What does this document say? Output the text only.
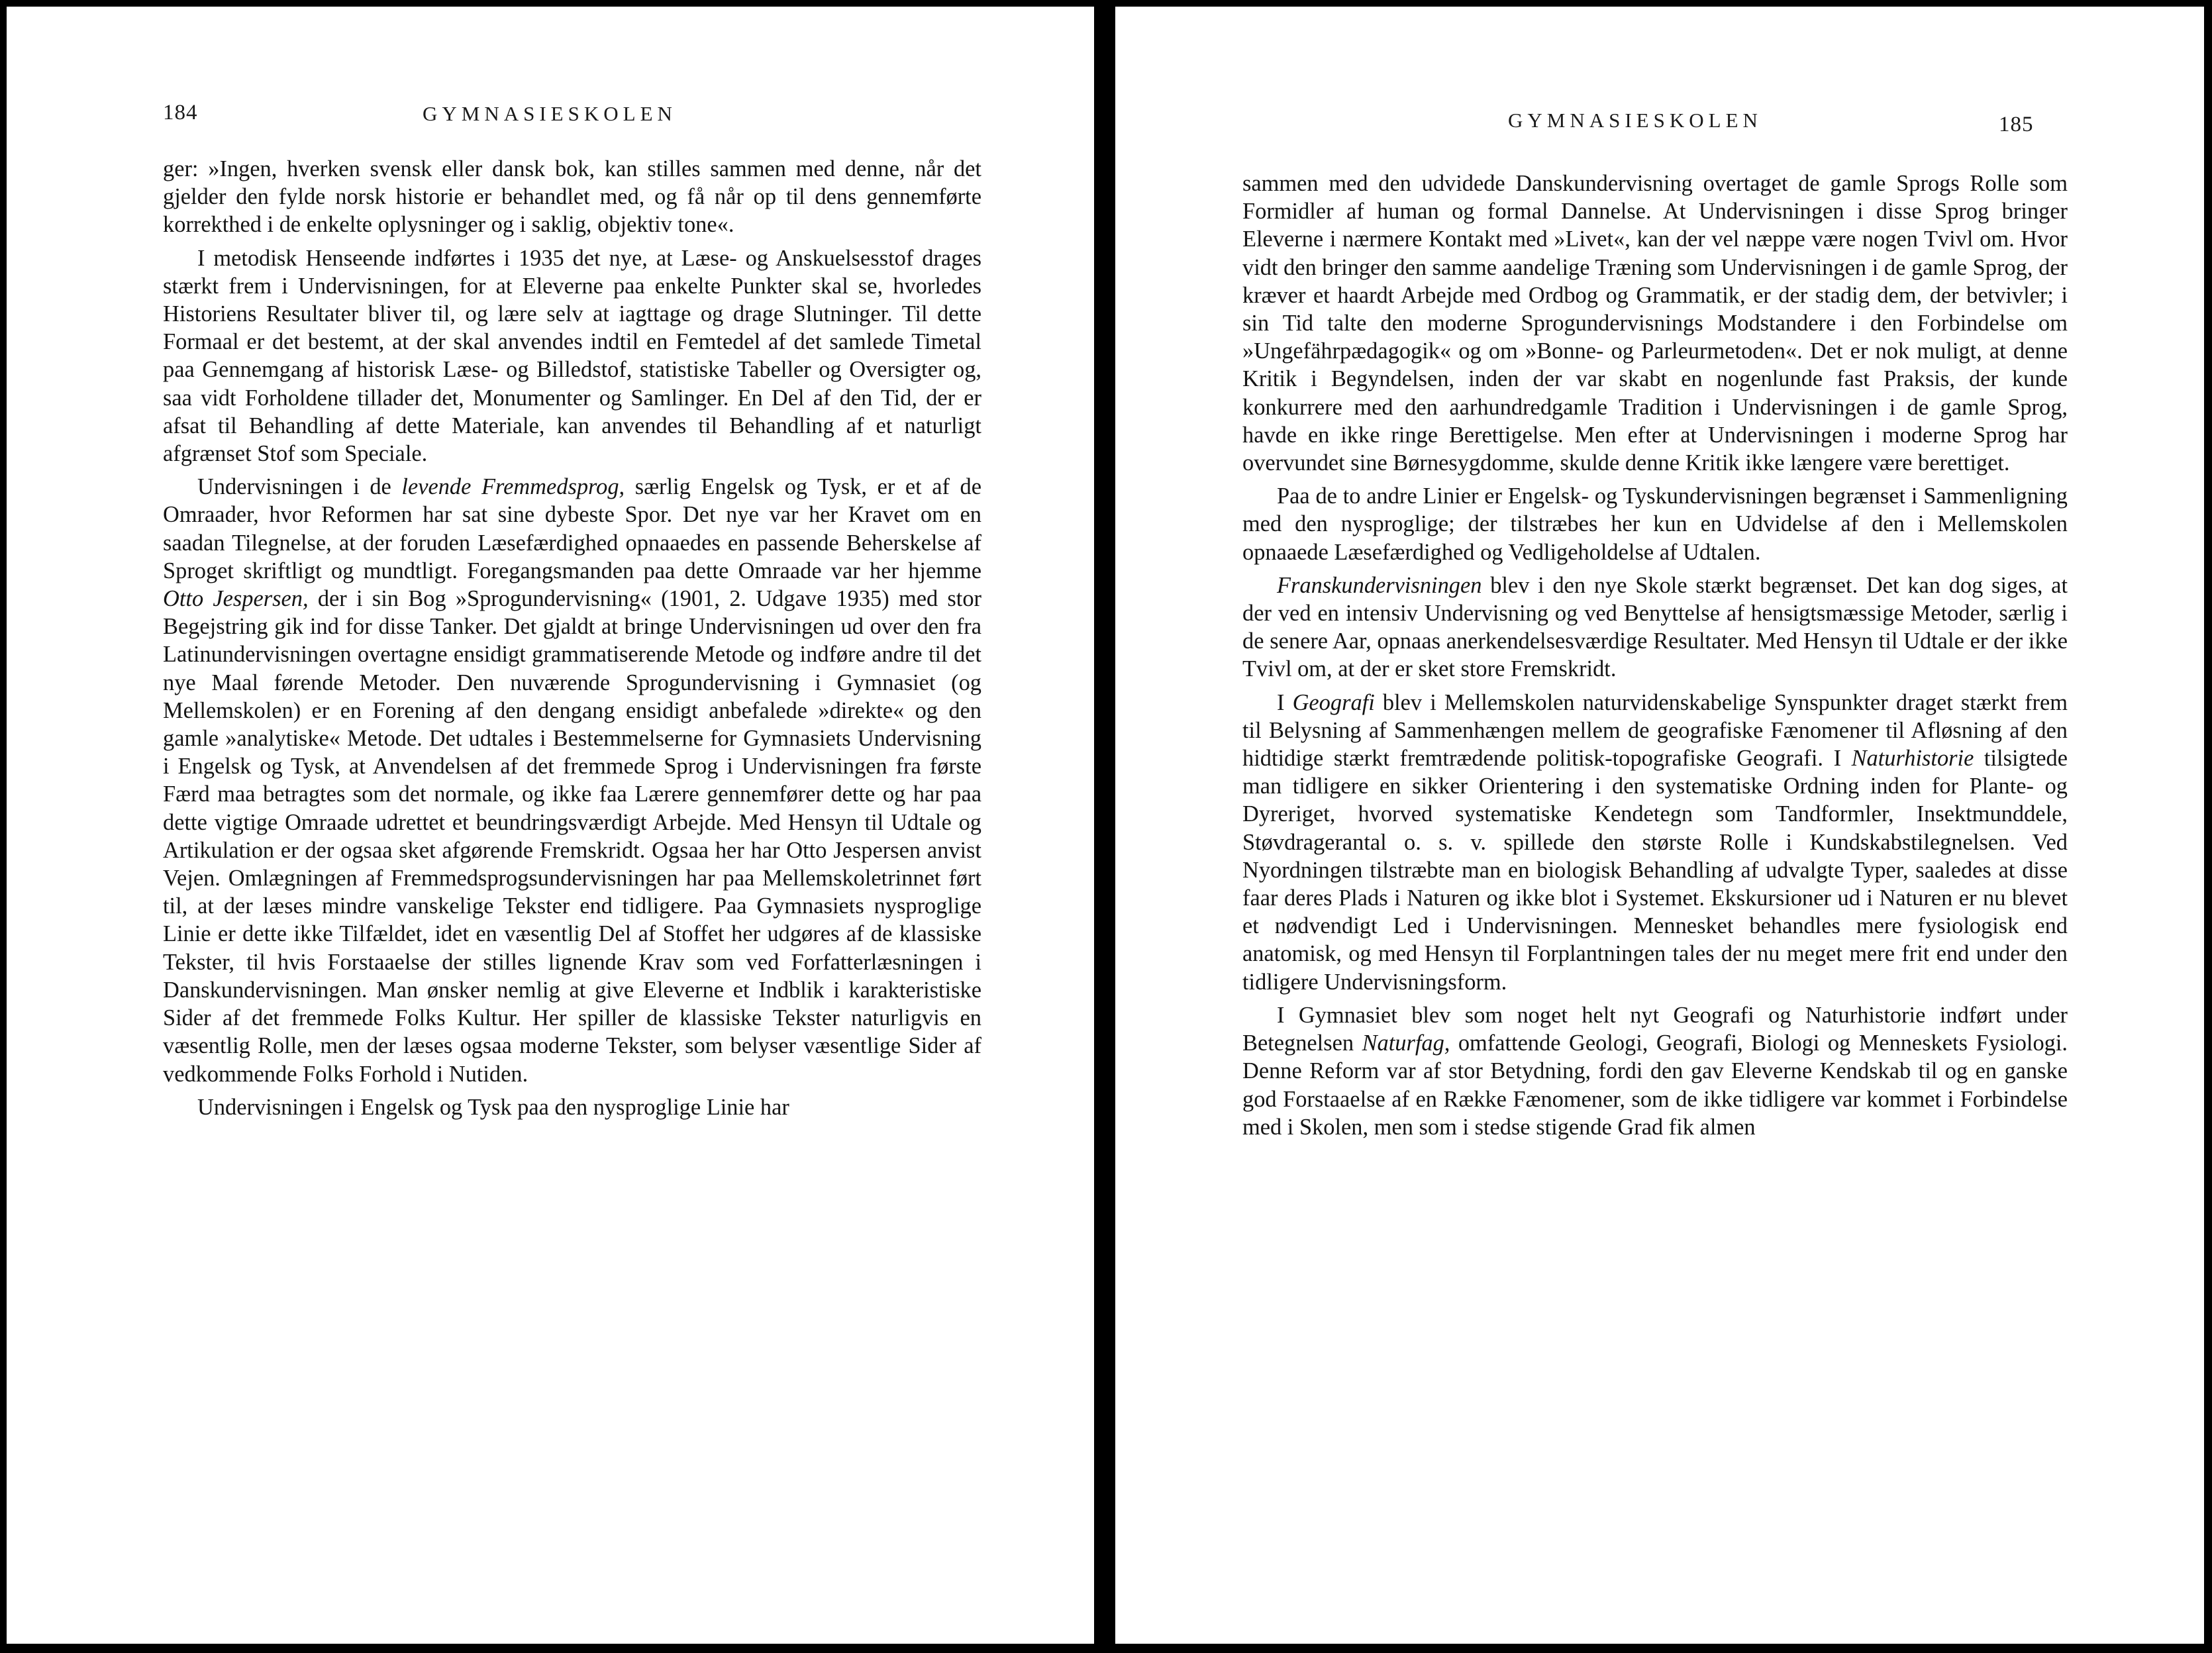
184	GYMNASIESKOLEN

ger: »Ingen, hverken svensk eller dansk bok, kan stilles sammen med denne, når det gjelder den fylde norsk historie er behandlet med, og få når op til dens gennemførte korrekthed i de enkelte oplysninger og i saklig, objektiv tone«.

I metodisk Henseende indførtes i 1935 det nye, at Læse- og Anskuelsesstof drages stærkt frem i Undervisningen, for at Eleverne paa enkelte Punkter skal se, hvorledes Historiens Resultater bliver til, og lære selv at iagttage og drage Slutninger. Til dette Formaal er det bestemt, at der skal anvendes indtil en Femtedel af det samlede Timetal paa Gennemgang af historisk Læse- og Billedstof, statistiske Tabeller og Oversigter og, saa vidt Forholdene tillader det, Monumenter og Samlinger. En Del af den Tid, der er afsat til Behandling af dette Materiale, kan anvendes til Behandling af et naturligt afgrænset Stof som Speciale.

Undervisningen i de levende Fremmedsprog, særlig Engelsk og Tysk, er et af de Omraader, hvor Reformen har sat sine dybeste Spor. Det nye var her Kravet om en saadan Tilegnelse, at der foruden Læsefærdighed opnaaedes en passende Beherskelse af Sproget skriftligt og mundtligt. Foregangsmanden paa dette Omraade var her hjemme Otto Jespersen, der i sin Bog »Sprogundervisning« (1901, 2. Udgave 1935) med stor Begejstring gik ind for disse Tanker. Det gjaldt at bringe Undervisningen ud over den fra Latinundervisningen overtagne ensidigt grammatiserende Metode og indføre andre til det nye Maal førende Metoder. Den nuværende Sprogundervisning i Gymnasiet (og Mellemskolen) er en Forening af den dengang ensidigt anbefalede »direkte« og den gamle »analytiske« Metode. Det udtales i Bestemmelserne for Gymnasiets Undervisning i Engelsk og Tysk, at Anvendelsen af det fremmede Sprog i Undervisningen fra første Færd maa betragtes som det normale, og ikke faa Lærere gennemfører dette og har paa dette vigtige Omraade udrettet et beundringsværdigt Arbejde. Med Hensyn til Udtale og Artikulation er der ogsaa sket afgørende Fremskridt. Ogsaa her har Otto Jespersen anvist Vejen. Omlægningen af Fremmedsprogsundervisningen har paa Mellemskoletrinnet ført til, at der læses mindre vanskelige Tekster end tidligere. Paa Gymnasiets nysproglige Linie er dette ikke Tilfældet, idet en væsentlig Del af Stoffet her udgøres af de klassiske Tekster, til hvis Forstaaelse der stilles lignende Krav som ved Forfatterlæsningen i Danskundervisningen. Man ønsker nemlig at give Eleverne et Indblik i karakteristiske Sider af det fremmede Folks Kultur. Her spiller de klassiske Tekster naturligvis en væsentlig Rolle, men der læses ogsaa moderne Tekster, som belyser væsentlige Sider af vedkommende Folks Forhold i Nutiden.

Undervisningen i Engelsk og Tysk paa den nysproglige Linie har

GYMNASIESKOLEN	185

sammen med den udvidede Danskundervisning overtaget de gamle Sprogs Rolle som Formidler af human og formal Dannelse. At Undervisningen i disse Sprog bringer Eleverne i nærmere Kontakt med »Livet«, kan der vel næppe være nogen Tvivl om. Hvor vidt den bringer den samme aandelige Træning som Undervisningen i de gamle Sprog, der kræver et haardt Arbejde med Ordbog og Grammatik, er der stadig dem, der betvivler; i sin Tid talte den moderne Sprogundervisnings Modstandere i den Forbindelse om »Ungefährpædagogik« og om »Bonne- og Parleurmetoden«. Det er nok muligt, at denne Kritik i Begyndelsen, inden der var skabt en nogenlunde fast Praksis, der kunde konkurrere med den aarhundredgamle Tradition i Undervisningen i de gamle Sprog, havde en ikke ringe Berettigelse. Men efter at Undervisningen i moderne Sprog har overvundet sine Børnesygdomme, skulde denne Kritik ikke længere være berettiget.

Paa de to andre Linier er Engelsk- og Tyskundervisningen begrænset i Sammenligning med den nysproglige; der tilstræbes her kun en Udvidelse af den i Mellemskolen opnaaede Læsefærdighed og Vedligeholdelse af Udtalen.

Franskundervisningen blev i den nye Skole stærkt begrænset. Det kan dog siges, at der ved en intensiv Undervisning og ved Benyttelse af hensigtsmæssige Metoder, særlig i de senere Aar, opnaas anerkendelsesværdige Resultater. Med Hensyn til Udtale er der ikke Tvivl om, at der er sket store Fremskridt.

I Geografi blev i Mellemskolen naturvidenskabelige Synspunkter draget stærkt frem til Belysning af Sammenhængen mellem de geografiske Fænomener til Afløsning af den hidtidige stærkt fremtrædende politisk-topografiske Geografi. I Naturhistorie tilsigtede man tidligere en sikker Orientering i den systematiske Ordning inden for Plante- og Dyreriget, hvorved systematiske Kendetegn som Tandformler, Insektmunddele, Støvdragerantal o. s. v. spillede den største Rolle i Kundskabstilegnelsen. Ved Nyordningen tilstræbte man en biologisk Behandling af udvalgte Typer, saaledes at disse faar deres Plads i Naturen og ikke blot i Systemet. Ekskursioner ud i Naturen er nu blevet et nødvendigt Led i Undervisningen. Mennesket behandles mere fysiologisk end anatomisk, og med Hensyn til Forplantningen tales der nu meget mere frit end under den tidligere Undervisningsform.

I Gymnasiet blev som noget helt nyt Geografi og Naturhistorie indført under Betegnelsen Naturfag, omfattende Geologi, Geografi, Biologi og Menneskets Fysiologi. Denne Reform var af stor Betydning, fordi den gav Eleverne Kendskab til og en ganske god Forstaaelse af en Række Fænomener, som de ikke tidligere var kommet i Forbindelse med i Skolen, men som i stedse stigende Grad fik almen
